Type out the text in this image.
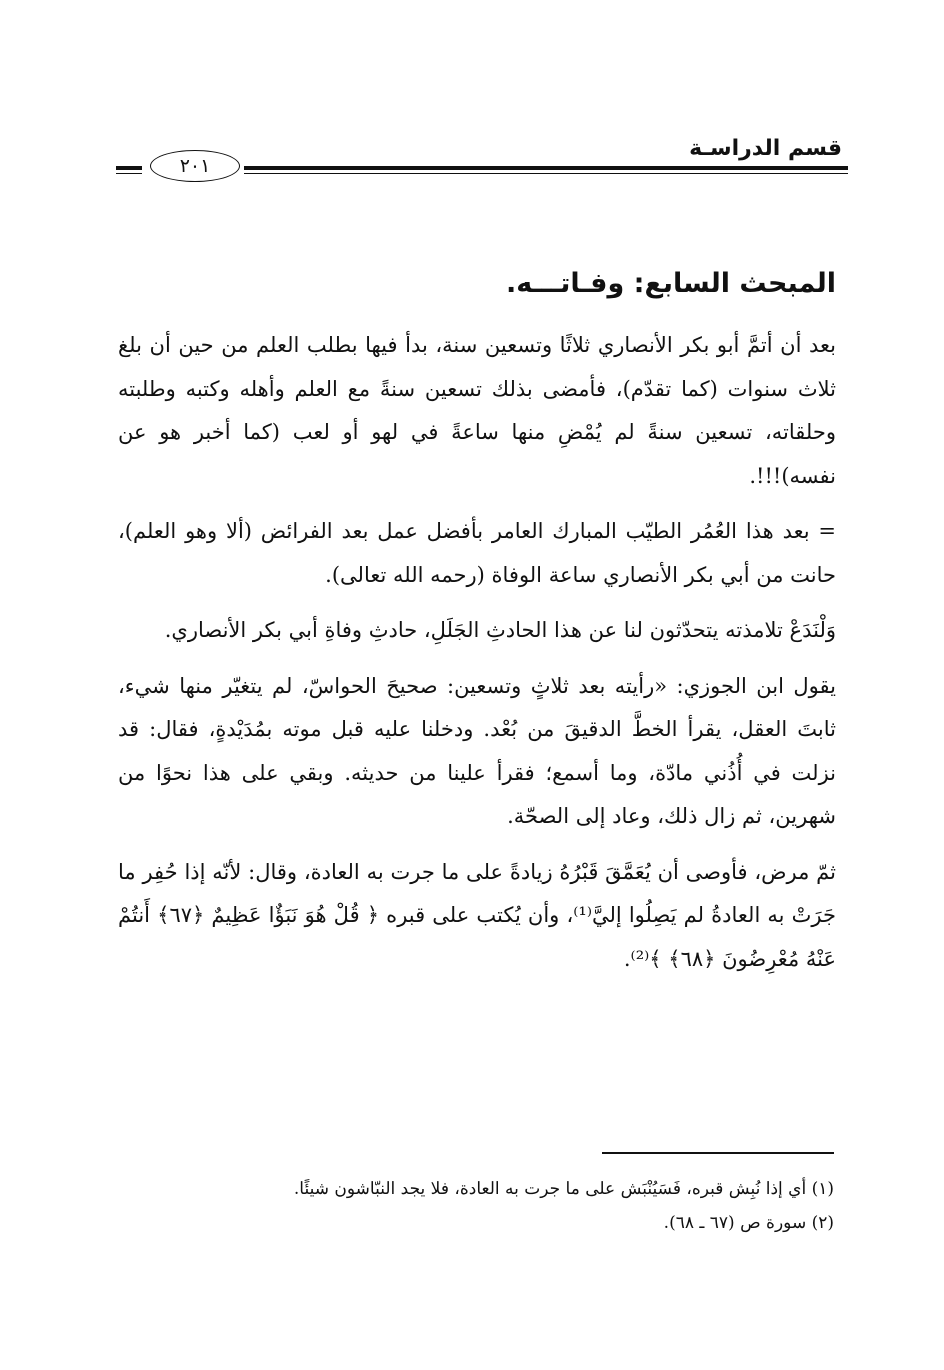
قسم الدراسـة
٢٠١
المبحث السابع: وفـاتـــه.

بعد أن أتمَّ أبو بكر الأنصاري ثلاثًا وتسعين سنة، بدأ فيها بطلب العلم من حين أن بلغ ثلاث سنوات (كما تقدّم)، فأمضى بذلك تسعين سنةً مع العلم وأهله وكتبه وطلبته وحلقاته، تسعين سنةً لم يُمْضِ منها ساعةً في لهو أو لعب (كما أخبر هو عن نفسه)!!!.

= بعد هذا العُمُر الطيّب المبارك العامر بأفضل عمل بعد الفرائض (ألا وهو العلم)، حانت من أبي بكر الأنصاري ساعة الوفاة (رحمه الله تعالى).

وَلْنَدَعْ تلامذته يتحدّثون لنا عن هذا الحادثِ الجَلَلِ، حادثِ وفاةِ أبي بكر الأنصاري.

يقول ابن الجوزي: «رأيته بعد ثلاثٍ وتسعين: صحيحَ الحواسّ، لم يتغيّر منها شيء، ثابتَ العقل، يقرأ الخطَّ الدقيقَ من بُعْد. ودخلنا عليه قبل موته بمُدَيْدةٍ، فقال: قد نزلت في أُذُني مادّة، وما أسمع؛ فقرأ علينا من حديثه. وبقي على هذا نحوًا من شهرين، ثم زال ذلك، وعاد إلى الصحّة.

ثمّ مرض، فأوصى أن يُعَمَّقَ قَبْرُهُ زيادةً على ما جرت به العادة، وقال: لأنّه إذا حُفِر ما جَرَتْ به العادةُ لم يَصِلُوا إليَّ⁽¹⁾، وأن يُكتب على قبره ﴿ قُلْ هُوَ نَبَؤٌا عَظِيمٌ ﴿٦٧﴾ أَنتُمْ عَنْهُ مُعْرِضُونَ ﴿٦٨﴾ ﴾⁽²⁾.

(١) أي إذا نُبِش قبره، فَسَيُنْبَش على ما جرت به العادة، فلا يجد النبّاشون شيئًا.
(٢) سورة ص (٦٧ ـ ٦٨).
